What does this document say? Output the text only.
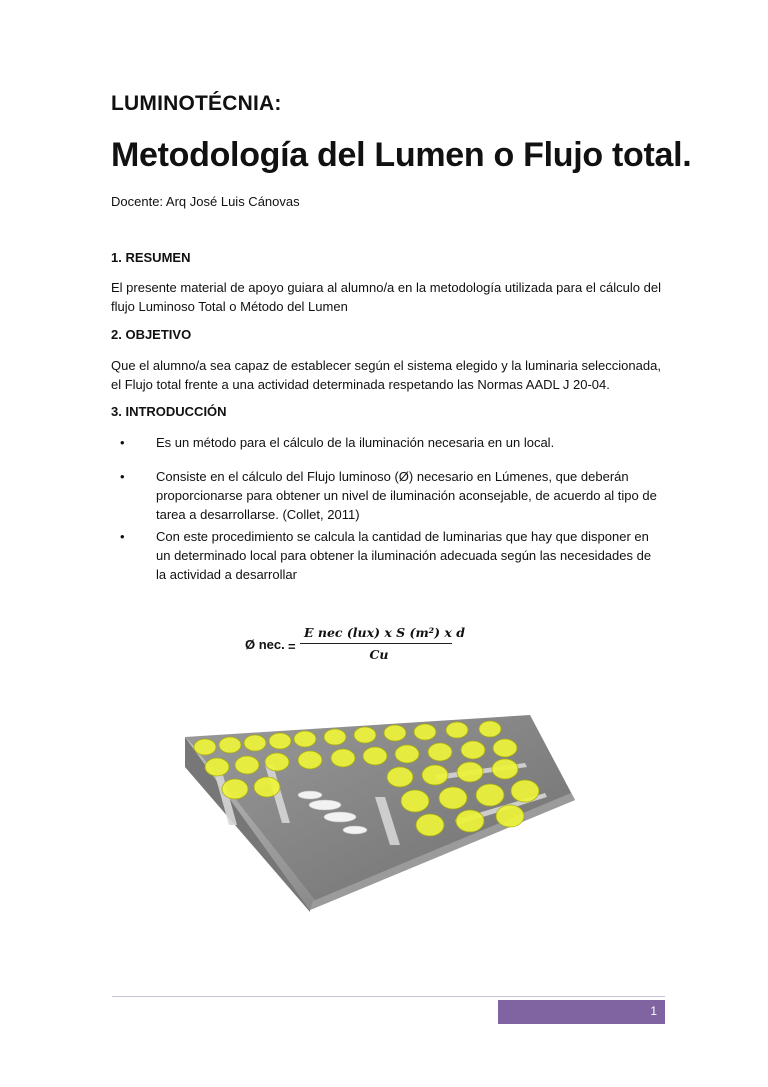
LUMINOTÉCNIA:
Metodología del Lumen o Flujo total.
Docente: Arq José Luis Cánovas
1. RESUMEN
El presente material de apoyo guiara al alumno/a en la metodología utilizada para el cálculo del
flujo Luminoso Total o Método del Lumen
2. OBJETIVO
Que el alumno/a sea capaz de establecer según el sistema elegido y la luminaria seleccionada,
el Flujo total frente a una actividad determinada respetando las Normas AADL J 20-04.
3. INTRODUCCIÓN
•	Es un método para el cálculo de la iluminación necesaria en un local.
•	Consiste en el cálculo del Flujo luminoso (Ø) necesario en Lúmenes, que deberán
proporcionarse para obtener un nivel de iluminación aconsejable, de acuerdo al tipo de
tarea a desarrollarse. (Collet, 2011)
•	Con este procedimiento se calcula la cantidad de luminarias que hay que disponer en
un determinado local para obtener la iluminación adecuada según las necesidades de
la actividad a desarrollar
Ø nec. =
E nec (lux) x S (m²) x d
Cu
1
